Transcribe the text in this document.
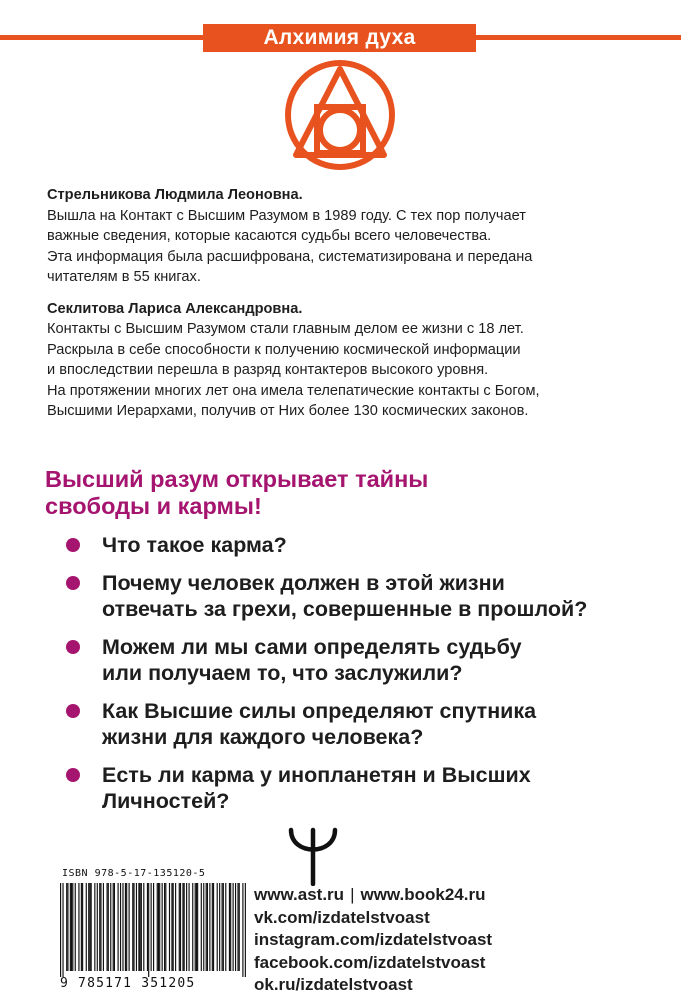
Алхимия духа
Стрельникова Людмила Леоновна.
Вышла на Контакт с Высшим Разумом в 1989 году. С тех пор получает
важные сведения, которые касаются судьбы всего человечества.
Эта информация была расшифрована, систематизирована и передана
читателям в 55 книгах.
Секлитова Лариса Александровна.
Контакты с Высшим Разумом стали главным делом ее жизни с 18 лет.
Раскрыла в себе способности к получению космической информации
и впоследствии перешла в разряд контактеров высокого уровня.
На протяжении многих лет она имела телепатические контакты с Богом,
Высшими Иерархами, получив от Них более 130 космических законов.
Высший разум открывает тайны
свободы и кармы!
Что такое карма?
Почему человек должен в этой жизни
отвечать за грехи, совершенные в прошлой?
Можем ли мы сами определять судьбу
или получаем то, что заслужили?
Как Высшие силы определяют спутника
жизни для каждого человека?
Есть ли карма у инопланетян и Высших
Личностей?
ISBN 978-5-17-135120-5
9 785171 351205
www.ast.ru | www.book24.ru
vk.com/izdatelstvoast
instagram.com/izdatelstvoast
facebook.com/izdatelstvoast
ok.ru/izdatelstvoast
